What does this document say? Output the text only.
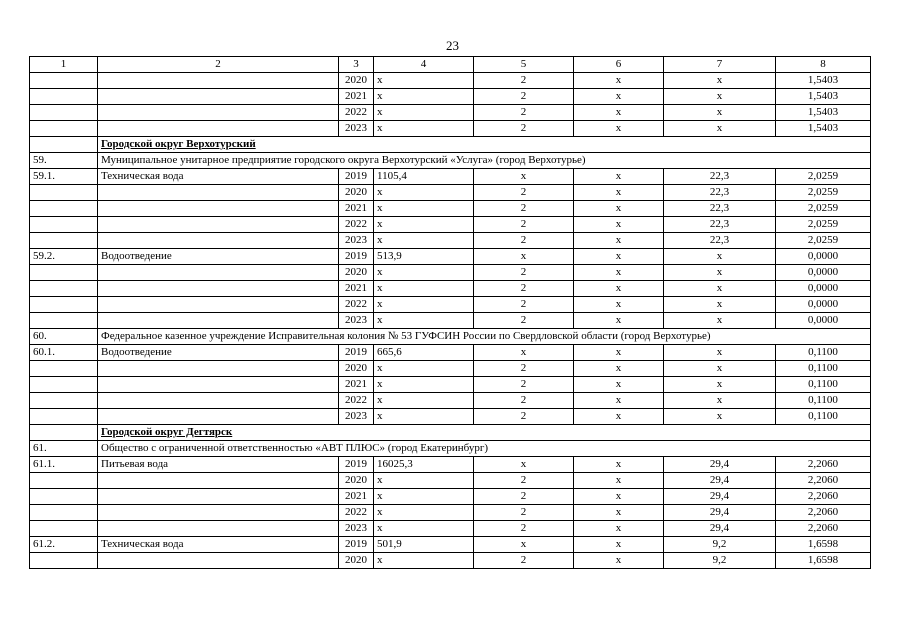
23
1	2	3	4	5	6	7	8
		2020	х	2	х	х	1,5403
		2021	х	2	х	х	1,5403
		2022	х	2	х	х	1,5403
		2023	х	2	х	х	1,5403
	Городской округ Верхотурский						
59.	Муниципальное унитарное предприятие городского округа Верхотурский «Услуга» (город Верхотурье)						
59.1.	Техническая вода	2019	1105,4	х	х	22,3	2,0259
		2020	х	2	х	22,3	2,0259
		2021	х	2	х	22,3	2,0259
		2022	х	2	х	22,3	2,0259
		2023	х	2	х	22,3	2,0259
59.2.	Водоотведение	2019	513,9	х	х	х	0,0000
		2020	х	2	х	х	0,0000
		2021	х	2	х	х	0,0000
		2022	х	2	х	х	0,0000
		2023	х	2	х	х	0,0000
60.	Федеральное казенное учреждение Исправительная колония № 53 ГУФСИН России по Свердловской области (город Верхотурье)						
60.1.	Водоотведение	2019	665,6	х	х	х	0,1100
		2020	х	2	х	х	0,1100
		2021	х	2	х	х	0,1100
		2022	х	2	х	х	0,1100
		2023	х	2	х	х	0,1100
	Городской округ Дегтярск						
61.	Общество с ограниченной ответственностью «АВТ ПЛЮС» (город Екатеринбург)						
61.1.	Питьевая вода	2019	16025,3	х	х	29,4	2,2060
		2020	х	2	х	29,4	2,2060
		2021	х	2	х	29,4	2,2060
		2022	х	2	х	29,4	2,2060
		2023	х	2	х	29,4	2,2060
61.2.	Техническая вода	2019	501,9	х	х	9,2	1,6598
		2020	х	2	х	9,2	1,6598
